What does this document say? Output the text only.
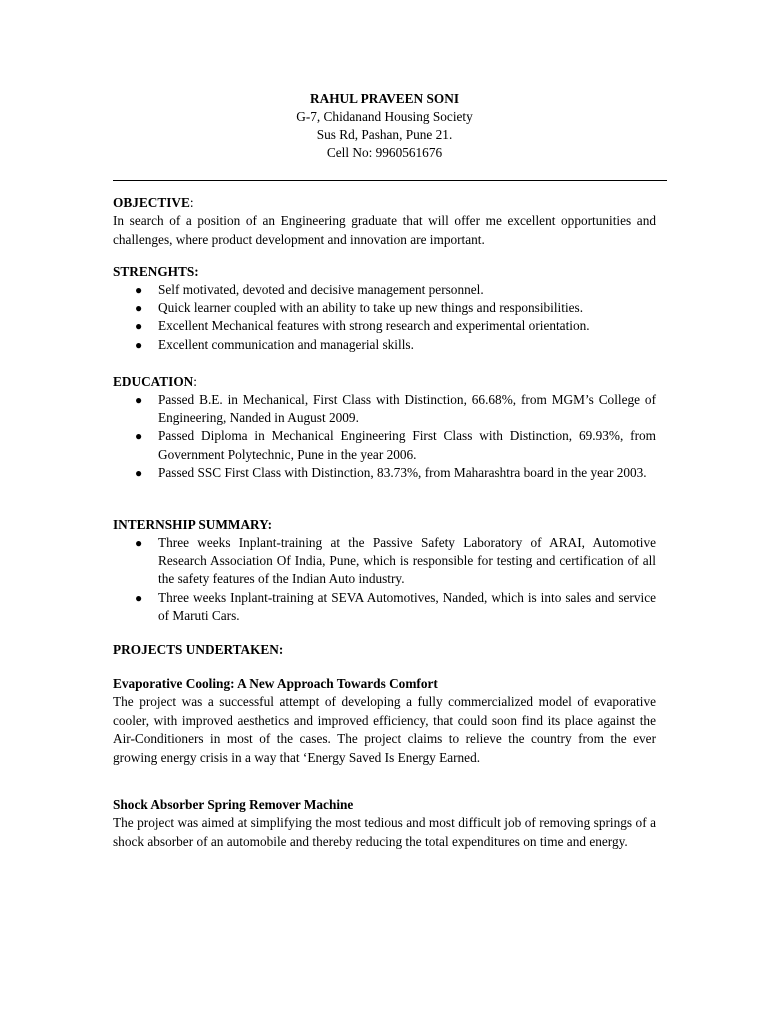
RAHUL PRAVEEN SONI
G-7, Chidanand Housing Society
Sus Rd, Pashan, Pune 21.
Cell No: 9960561676
OBJECTIVE:

In search of a position of an Engineering graduate that will offer me excellent opportunities and challenges, where product development and innovation are important.

STRENGHTS:
● Self motivated, devoted and decisive management personnel.
● Quick learner coupled with an ability to take up new things and responsibilities.
● Excellent Mechanical features with strong research and experimental orientation.
● Excellent communication and managerial skills.
EDUCATION:
● Passed B.E. in Mechanical, First Class with Distinction, 66.68%, from MGM’s College of Engineering, Nanded in August 2009.
● Passed Diploma in Mechanical Engineering First Class with Distinction, 69.93%, from Government Polytechnic, Pune in the year 2006.
● Passed SSC First Class with Distinction, 83.73%, from Maharashtra board in the year 2003.
INTERNSHIP SUMMARY:
● Three weeks Inplant-training at the Passive Safety Laboratory of ARAI, Automotive Research Association Of India, Pune, which is responsible for testing and certification of all the safety features of the Indian Auto industry.
● Three weeks Inplant-training at SEVA Automotives, Nanded, which is into sales and service of Maruti Cars.
PROJECTS UNDERTAKEN:
Evaporative Cooling: A New Approach Towards Comfort

The project was a successful attempt of developing a fully commercialized model of evaporative cooler, with improved aesthetics and improved efficiency, that could soon find its place against the Air-Conditioners in most of the cases. The project claims to relieve the country from the ever growing energy crisis in a way that ‘Energy Saved Is Energy Earned.

Shock Absorber Spring Remover Machine

The project was aimed at simplifying the most tedious and most difficult job of removing springs of a shock absorber of an automobile and thereby reducing the total expenditures on time and energy.
